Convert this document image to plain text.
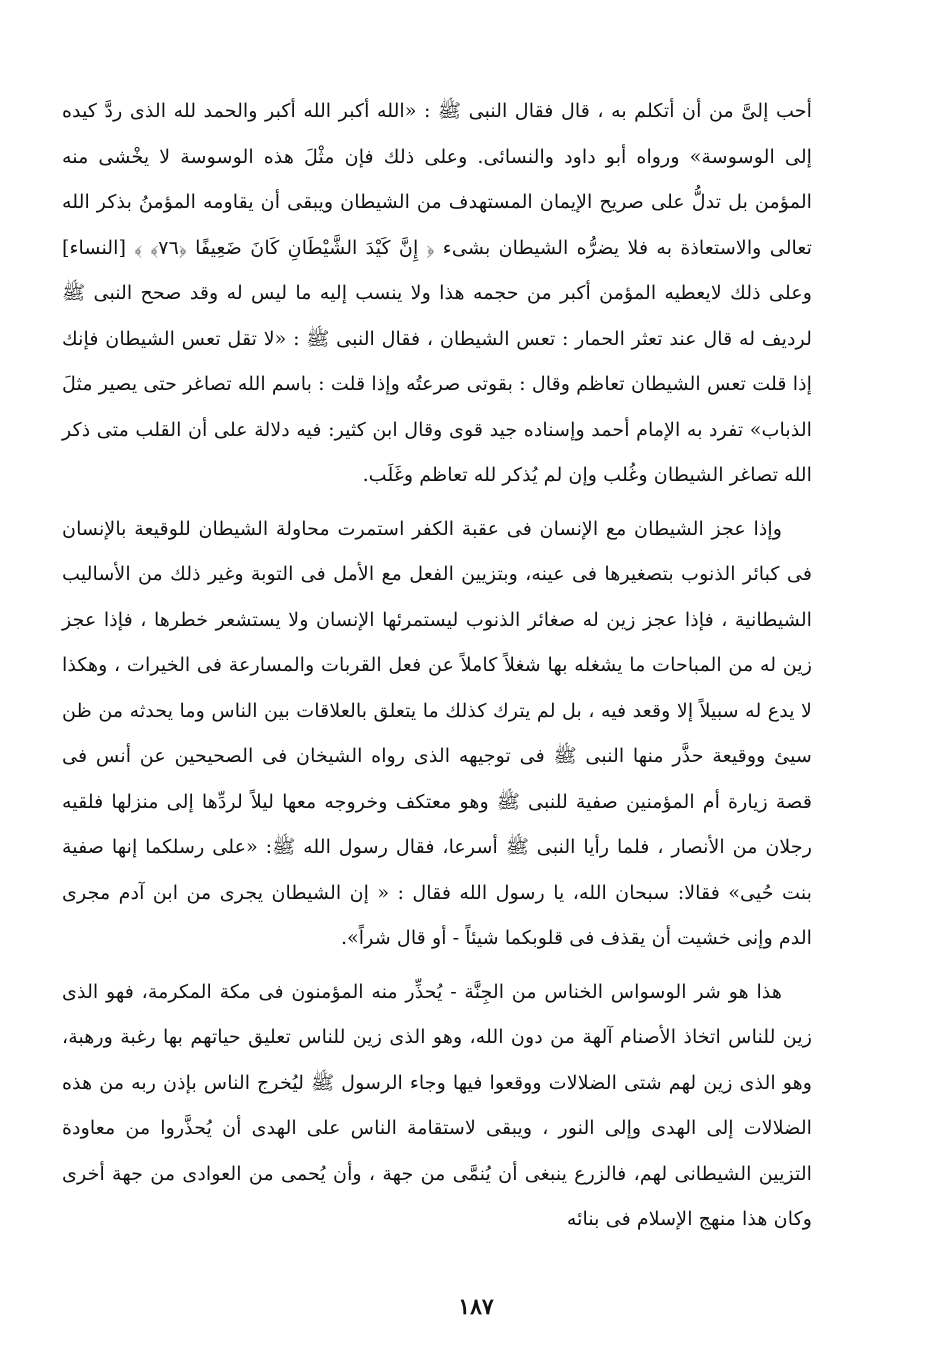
أحب إلىَّ من أن أتكلم به ، قال فقال النبى ﷺ : «الله أكبر الله أكبر والحمد لله الذى ردَّ كيده إلى الوسوسة» ورواه أبو داود والنسائى. وعلى ذلك فإن مثْلَ هذه الوسوسة لا يخْشى منه المؤمن بل تدلُّ على صريح الإيمان المستهدف من الشيطان ويبقى أن يقاومه المؤمنُ بذكر الله تعالى والاستعاذة به فلا يضرُّه الشيطان بشىء ﴿ إِنَّ كَيْدَ الشَّيْطَانِ كَانَ ضَعِيفًا ﴿٧٦﴾ ﴾ [النساء] وعلى ذلك لايعطيه المؤمن أكبر من حجمه هذا ولا ينسب إليه ما ليس له وقد صحح النبى ﷺ لرديف له قال عند تعثر الحمار : تعس الشيطان ، فقال النبى ﷺ : «لا تقل تعس الشيطان فإنك إذا قلت تعس الشيطان تعاظم وقال : بقوتى صرعتُه وإذا قلت : باسم الله تصاغر حتى يصير مثلَ الذباب» تفرد به الإمام أحمد وإسناده جيد قوى وقال ابن كثير: فيه دلالة على أن القلب متى ذكر الله تصاغر الشيطان وغُلب وإن لم يُذكر لله تعاظم وغَلَب.

وإذا عجز الشيطان مع الإنسان فى عقبة الكفر استمرت محاولة الشيطان للوقيعة بالإنسان فى كبائر الذنوب بتصغيرها فى عينه، وبتزيين الفعل مع الأمل فى التوبة وغير ذلك من الأساليب الشيطانية ، فإذا عجز زين له صغائر الذنوب ليستمرئها الإنسان ولا يستشعر خطرها ، فإذا عجز زين له من المباحات ما يشغله بها شغلاً كاملاً عن فعل القربات والمسارعة فى الخيرات ، وهكذا لا يدع له سبيلاً إلا وقعد فيه ، بل لم يترك كذلك ما يتعلق بالعلاقات بين الناس وما يحدثه من ظن سيئ ووقيعة حذَّر منها النبى ﷺ فى توجيهه الذى رواه الشيخان فى الصحيحين عن أنس فى قصة زيارة أم المؤمنين صفية للنبى ﷺ وهو معتكف وخروجه معها ليلاً لردِّها إلى منزلها فلقيه رجلان من الأنصار ، فلما رأيا النبى ﷺ أسرعا، فقال رسول الله ﷺ: «على رسلكما إنها صفية بنت حُيى» فقالا: سبحان الله، يا رسول الله فقال : « إن الشيطان يجرى من ابن آدم مجرى الدم وإنى خشيت أن يقذف فى قلوبكما شيئاً - أو قال شراً».

هذا هو شر الوسواس الخناس من الجِنَّة - يُحذِّر منه المؤمنون فى مكة المكرمة، فهو الذى زين للناس اتخاذ الأصنام آلهة من دون الله، وهو الذى زين للناس تعليق حياتهم بها رغبة ورهبة، وهو الذى زين لهم شتى الضلالات ووقعوا فيها وجاء الرسول ﷺ ليُخرج الناس بإذن ربه من هذه الضلالات إلى الهدى وإلى النور ، ويبقى لاستقامة الناس على الهدى أن يُحذَّروا من معاودة التزيين الشيطانى لهم، فالزرع ينبغى أن يُنمَّى من جهة ، وأن يُحمى من العوادى من جهة أخرى وكان هذا منهج الإسلام فى بنائه

١٨٧
